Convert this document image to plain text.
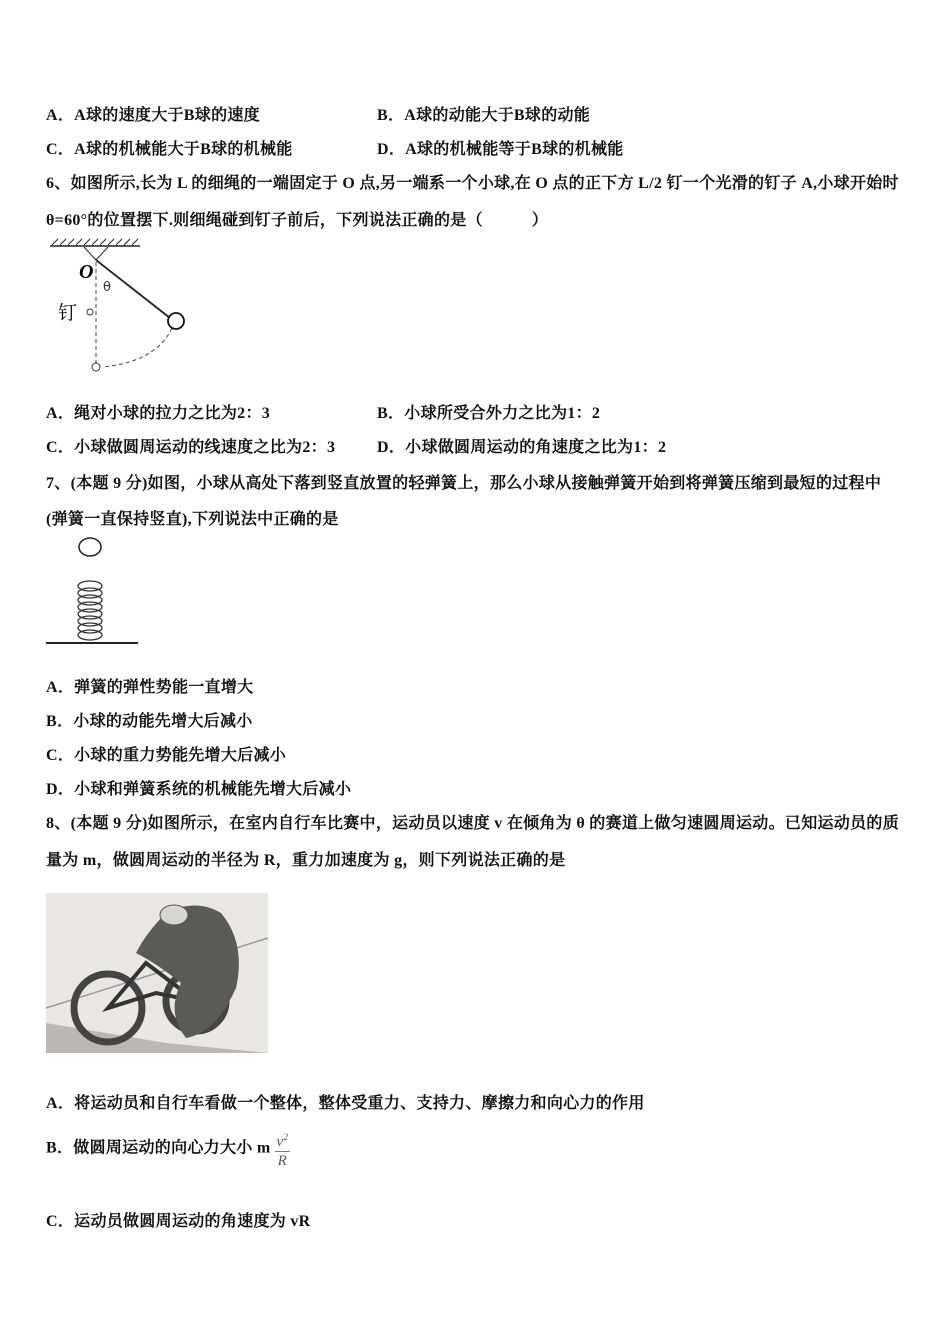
A．A球的速度大于B球的速度	B．A球的动能大于B球的动能
C．A球的机械能大于B球的机械能	D．A球的机械能等于B球的机械能
6、如图所示,长为 L 的细绳的一端固定于 O 点,另一端系一个小球,在 O 点的正下方 L/2 钉一个光滑的钉子 A,小球开始时
θ=60°的位置摆下.则细绳碰到钉子前后，下列说法正确的是（　　　）
O
θ
钉
A．绳对小球的拉力之比为2：3	B．小球所受合外力之比为1：2
C．小球做圆周运动的线速度之比为2：3	D．小球做圆周运动的角速度之比为1：2
7、(本题 9 分)如图，小球从高处下落到竖直放置的轻弹簧上，那么小球从接触弹簧开始到将弹簧压缩到最短的过程中
(弹簧一直保持竖直),下列说法中正确的是
A．弹簧的弹性势能一直增大
B．小球的动能先增大后减小
C．小球的重力势能先增大后减小
D．小球和弹簧系统的机械能先增大后减小
8、(本题 9 分)如图所示，在室内自行车比赛中，运动员以速度 v 在倾角为 θ 的赛道上做匀速圆周运动。已知运动员的质
量为 m，做圆周运动的半径为 R，重力加速度为 g，则下列说法正确的是
A．将运动员和自行车看做一个整体，整体受重力、支持力、摩擦力和向心力的作用
B．做圆周运动的向心力大小 m $\frac{v^2}{R}$
C．运动员做圆周运动的角速度为 vR
